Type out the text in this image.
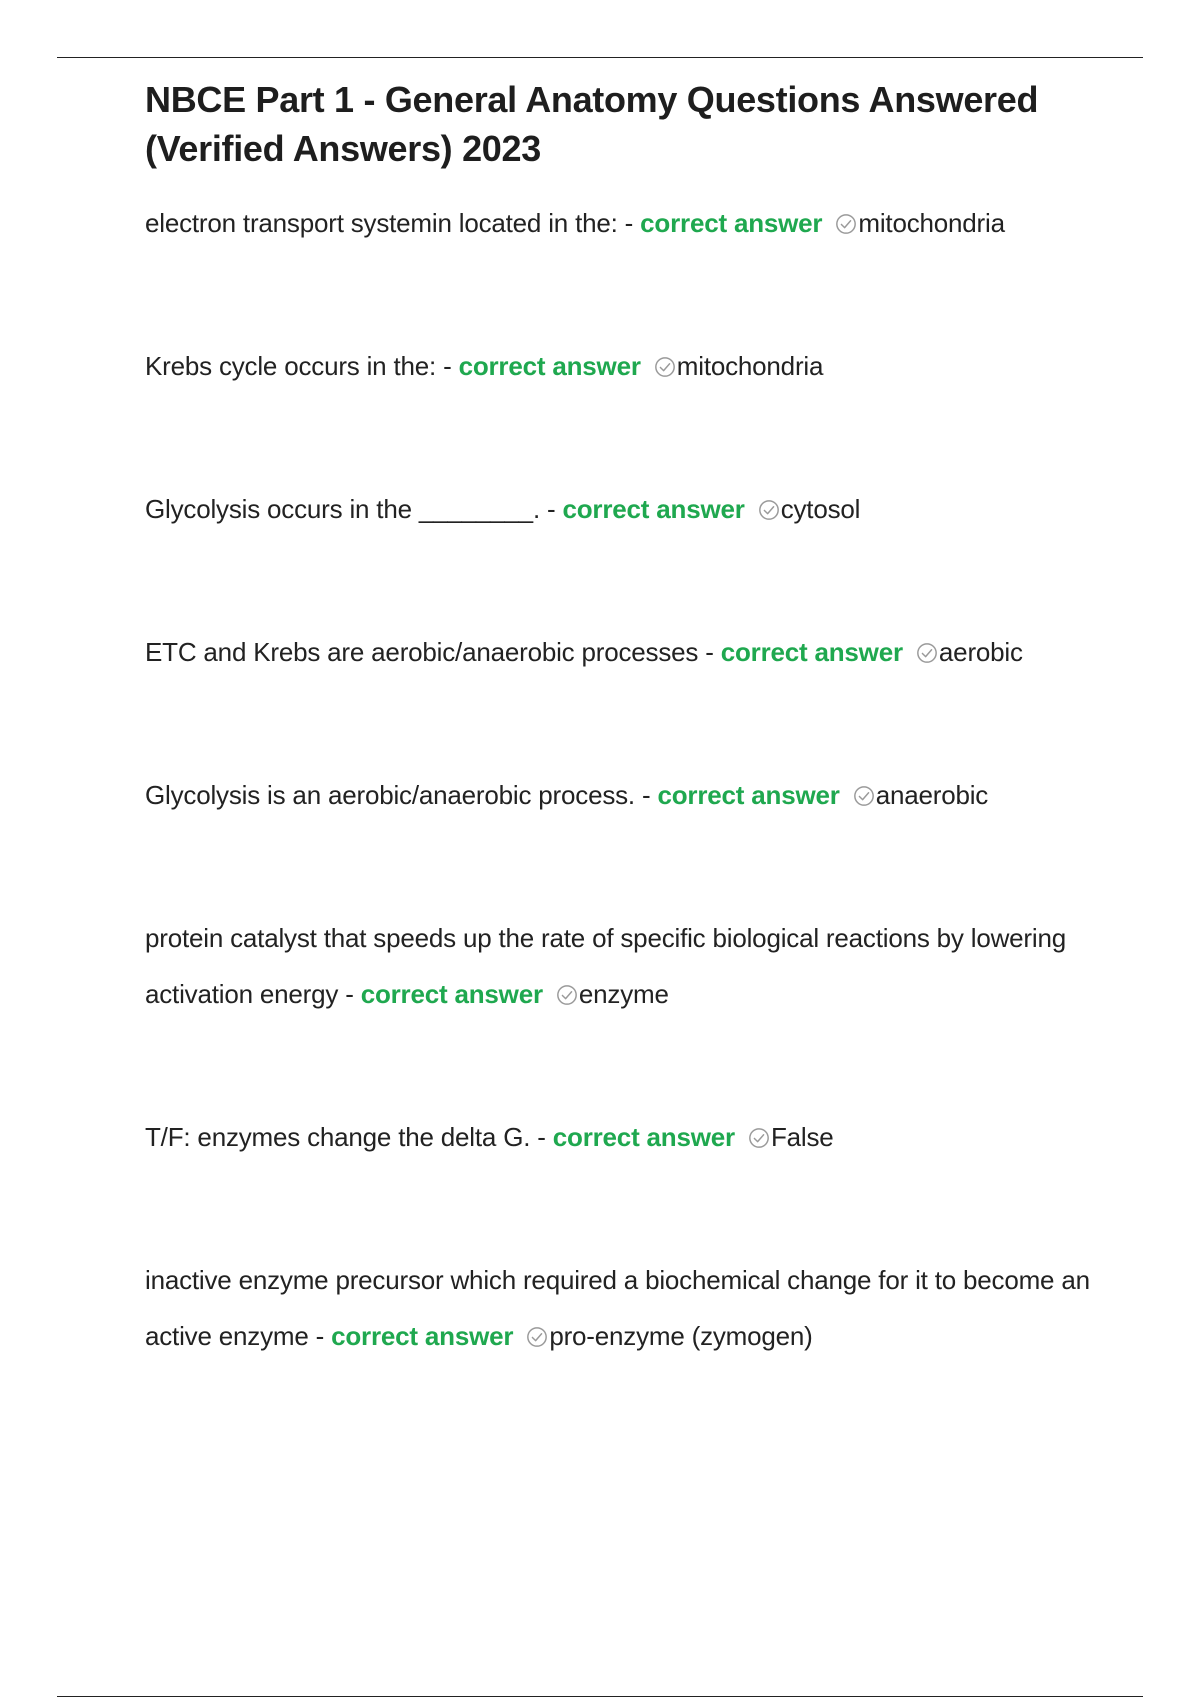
NBCE Part 1 - General Anatomy Questions Answered (Verified Answers) 2023

electron transport systemin located in the: - correct answer mitochondria

Krebs cycle occurs in the: - correct answer mitochondria

Glycolysis occurs in the ________. - correct answer cytosol

ETC and Krebs are aerobic/anaerobic processes - correct answer aerobic

Glycolysis is an aerobic/anaerobic process. - correct answer anaerobic

protein catalyst that speeds up the rate of specific biological reactions by lowering activation energy - correct answer enzyme

T/F: enzymes change the delta G. - correct answer False

inactive enzyme precursor which required a biochemical change for it to become an active enzyme - correct answer pro-enzyme (zymogen)
